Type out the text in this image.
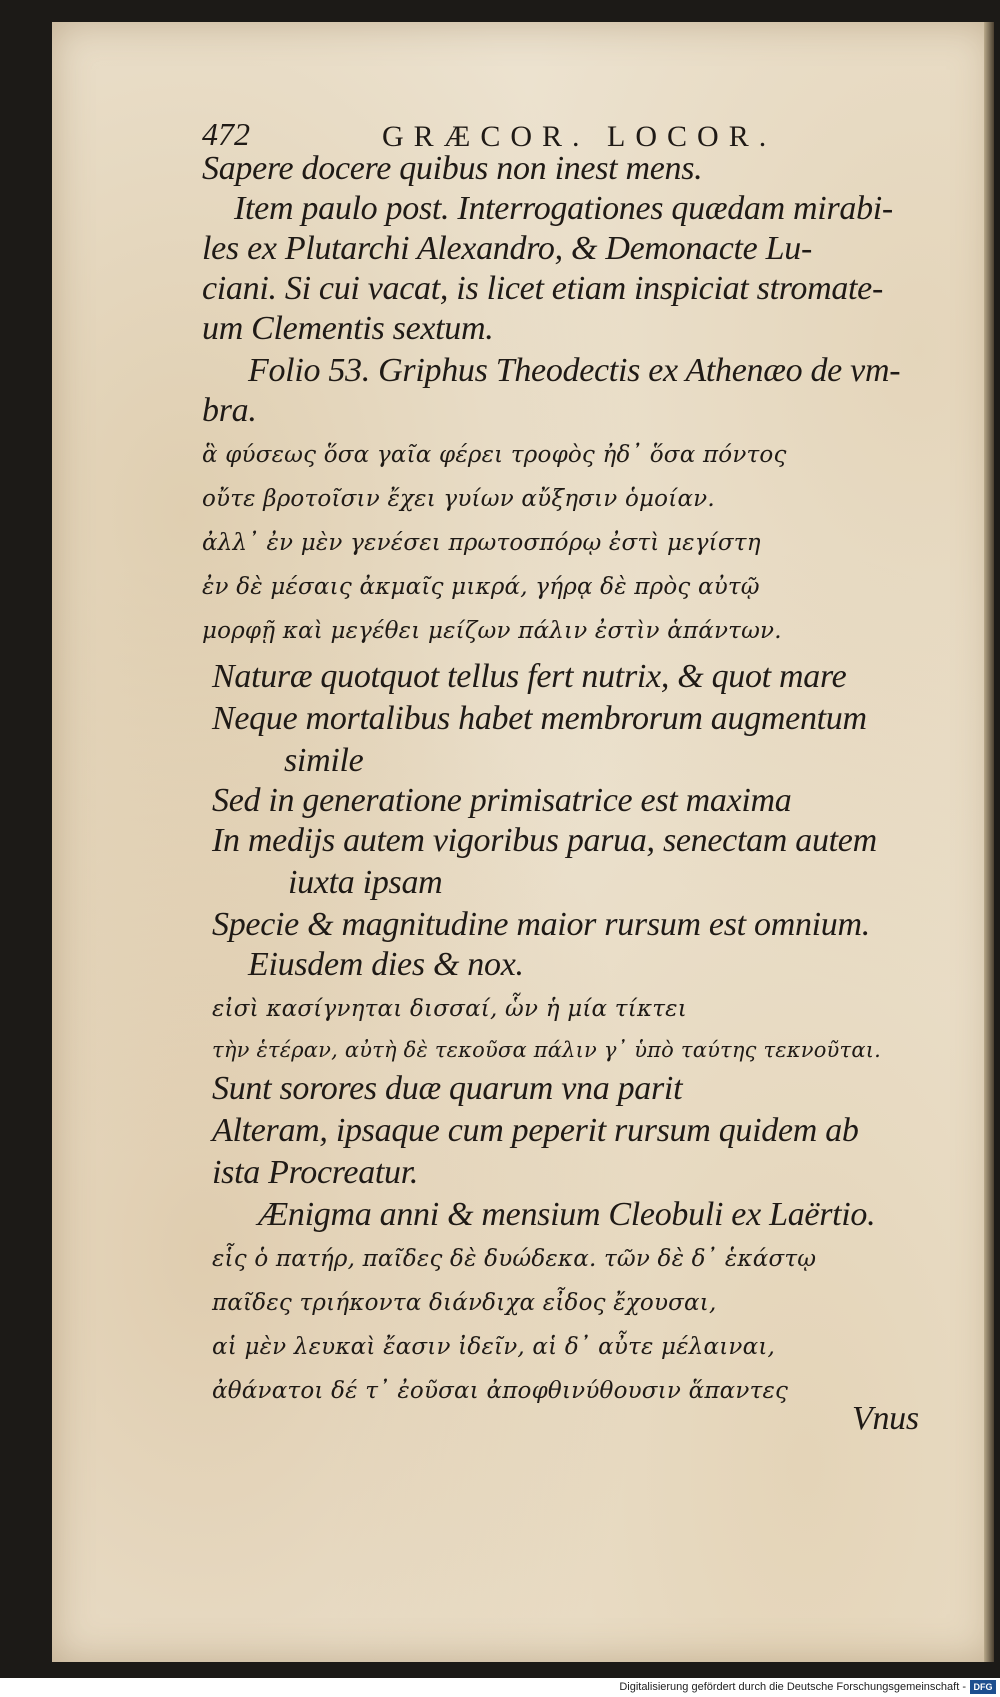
472	GRÆCOR. LOCOR.
Sapere docere quibus non inest mens.
Item paulo post. Interrogationes quædam mirabi-
les ex Plutarchi Alexandro, & Demonacte Lu-
ciani. Si cui vacat, is licet etiam inspiciat stromate-
um Clementis sextum.
Folio 53. Griphus Theodectis ex Athenæo de vm-
bra.
ἃ φύσεως ὅσα γαῖα φέρει τροφὸς ἠδ᾽ ὅσα πόντος
οὔτε βροτοῖσιν ἔχει γυίων αὔξησιν ὁμοίαν.
ἀλλ᾽ ἐν μὲν γενέσει πρωτοσπόρῳ ἐστὶ μεγίστη
ἐν δὲ μέσαις ἀκμαῖς μικρά, γήρᾳ δὲ πρὸς αὐτῷ
μορφῇ καὶ μεγέθει μείζων πάλιν ἐστὶν ἁπάντων.
Naturæ quotquot tellus fert nutrix, & quot mare
Neque mortalibus habet membrorum augmentum
simile
Sed in generatione primisatrice est maxima
In medijs autem vigoribus parua, senectam autem
iuxta ipsam
Specie & magnitudine maior rursum est omnium.
Eiusdem dies & nox.
εἰσὶ κασίγνηται δισσαί, ὧν ἡ μία τίκτει
τὴν ἑτέραν, αὐτὴ δὲ τεκοῦσα πάλιν γ᾽ ὑπὸ ταύτης τεκνοῦται.
Sunt sorores duæ quarum vna parit
Alteram, ipsaque cum peperit rursum quidem ab
ista Procreatur.
Ænigma anni & mensium Cleobuli ex Laërtio.
εἷς ὁ πατήρ, παῖδες δὲ δυώδεκα. τῶν δὲ δ᾽ ἑκάστῳ
παῖδες τριήκοντα διάνδιχα εἶδος ἔχουσαι,
αἱ μὲν λευκαὶ ἔασιν ἰδεῖν, αἱ δ᾽ αὖτε μέλαιναι,
ἀθάνατοι δέ τ᾽ ἐοῦσαι ἀποφθινύθουσιν ἅπαντες
Vnus
Digitalisierung gefördert durch die Deutsche Forschungsgemeinschaft - DFG
